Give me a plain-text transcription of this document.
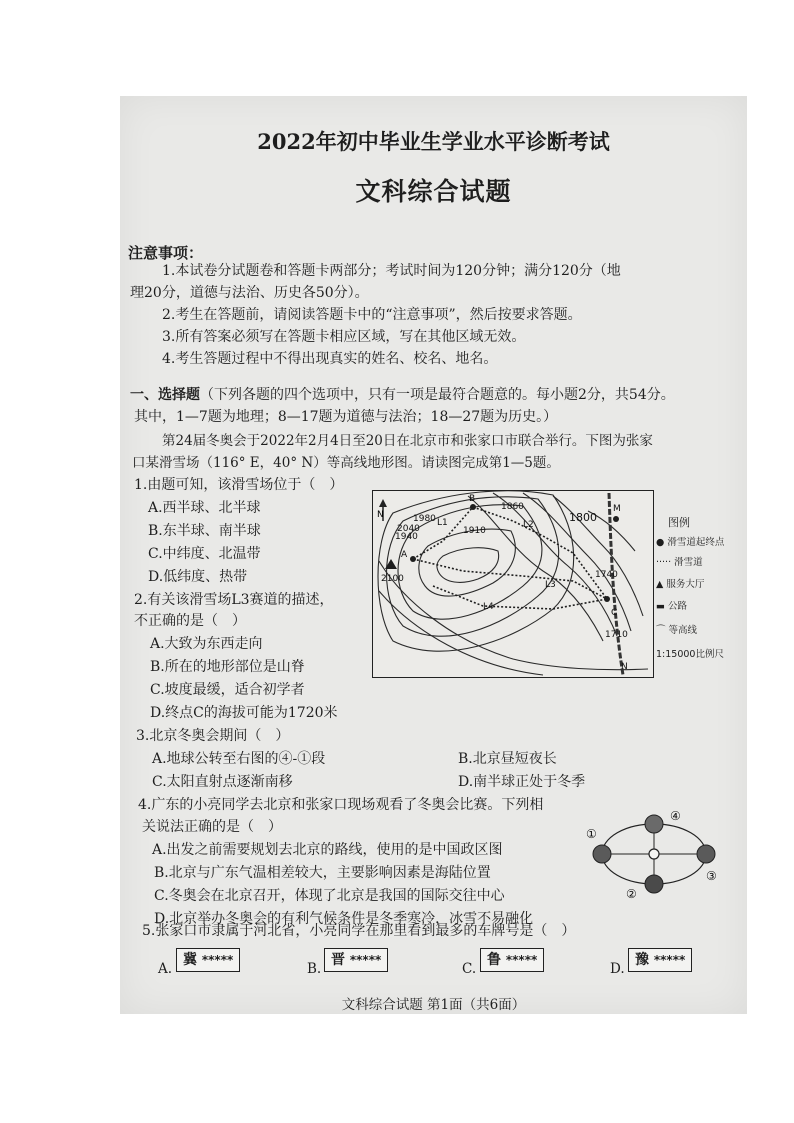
2022年初中毕业生学业水平诊断考试
文科综合试题
注意事项：
1.本试卷分试题卷和答题卡两部分；考试时间为120分钟；满分120分（地
理20分，道德与法治、历史各50分）。
2.考生在答题前，请阅读答题卡中的“注意事项”，然后按要求答题。
3.所有答案必须写在答题卡相应区域，写在其他区域无效。
4.考生答题过程中不得出现真实的姓名、校名、地名。
一、选择题（下列各题的四个选项中，只有一项是最符合题意的。每小题2分，共54分。
其中，1—7题为地理；8—17题为道德与法治；18—27题为历史。）
第24届冬奥会于2022年2月4日至20日在北京市和张家口市联合举行。下图为张家
口某滑雪场（116° E，40° N）等高线地形图。请读图完成第1—5题。
1.由题可知，该滑雪场位于（　）
A.西半球、北半球
B.东半球、南半球
C.中纬度、北温带
D.低纬度、热带
2.有关该滑雪场L3赛道的描述，
不正确的是（　）
A.大致为东西走向
B.所在的地形部位是山脊
C.坡度最缓，适合初学者
D.终点C的海拔可能为1720米
3.北京冬奥会期间（　）
A.地球公转至右图的④-①段	B.北京昼短夜长
C.太阳直射点逐渐南移	D.南半球正处于冬季
4.广东的小亮同学去北京和张家口现场观看了冬奥会比赛。下列相
关说法正确的是（　）
A.出发之前需要规划去北京的路线，使用的是中国政区图
B.北京与广东气温相差较大，主要影响因素是海陆位置
C.冬奥会在北京召开，体现了北京是我国的国际交往中心
D.北京举办冬奥会的有利气候条件是冬季寒冷，冰雪不易融化
5.张家口市隶属于河北省，小亮同学在那里看到最多的车牌号是（　）
A.
冀 *****
B.
晋 *****
C.
鲁 *****
D.
豫 *****
N
A
B
C
M
N
L1	L2
L3
L4
1980
1940
2040	1910
1860
1800
2100	1740
1710
图例
● 滑雪道起终点
····· 滑雪道
▲ 服务大厅
▬ 公路
⌒ 等高线
1:15000比例尺
①
②
③
④
文科综合试题 第1面（共6面）
